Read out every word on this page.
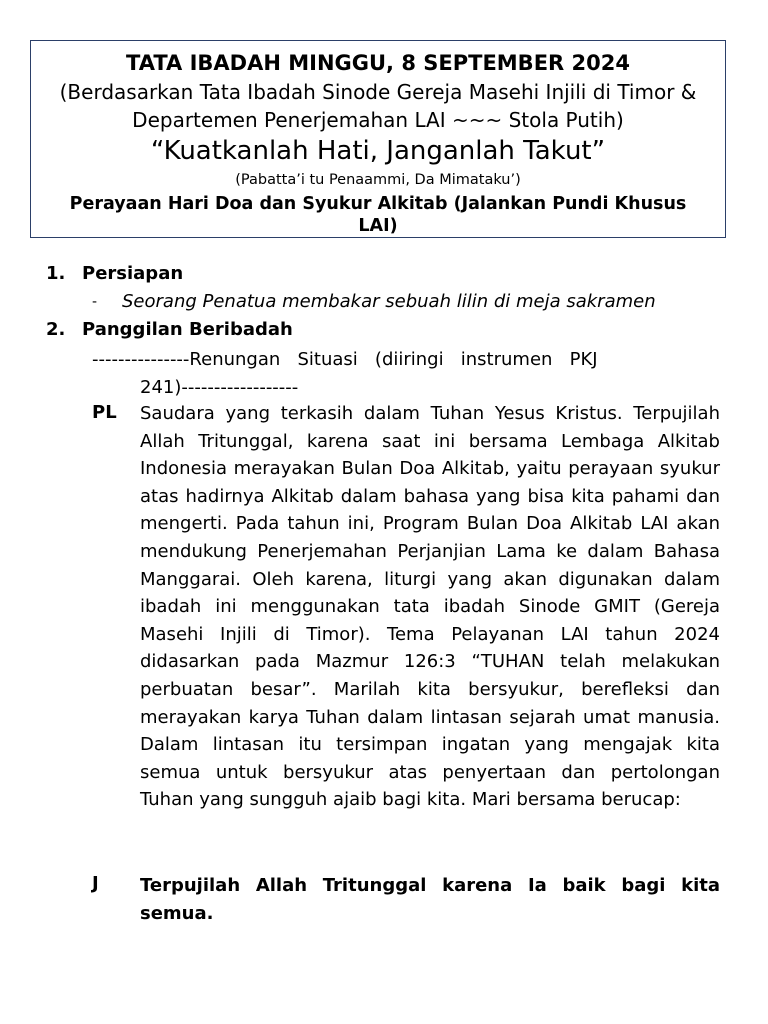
TATA IBADAH MINGGU, 8 SEPTEMBER 2024
(Berdasarkan Tata Ibadah Sinode Gereja Masehi Injili di Timor & Departemen Penerjemahan LAI ~~~ Stola Putih)
“Kuatkanlah Hati, Janganlah Takut”
(Pabatta’i tu Penaammi, Da Mimataku’)
Perayaan Hari Doa dan Syukur Alkitab (Jalankan Pundi Khusus LAI)
1. Persiapan
- Seorang Penatua membakar sebuah lilin di meja sakramen
2. Panggilan Beribadah
---------------Renungan   Situasi   (diiringi   instrumen   PKJ
241)------------------
PL Saudara yang terkasih dalam Tuhan Yesus Kristus. Terpujilah Allah Tritunggal, karena saat ini bersama Lembaga Alkitab Indonesia merayakan Bulan Doa Alkitab, yaitu perayaan syukur atas hadirnya Alkitab dalam bahasa yang bisa kita pahami dan mengerti. Pada tahun ini, Program Bulan Doa Alkitab LAI akan mendukung Penerjemahan Perjanjian Lama ke dalam Bahasa Manggarai. Oleh karena, liturgi yang akan digunakan dalam ibadah ini menggunakan tata ibadah Sinode GMIT (Gereja Masehi Injili di Timor). Tema Pelayanan LAI tahun 2024 didasarkan pada Mazmur 126:3 “TUHAN telah melakukan perbuatan besar”. Marilah kita bersyukur, berefleksi dan merayakan karya Tuhan dalam lintasan sejarah umat manusia. Dalam lintasan itu tersimpan ingatan yang mengajak kita semua untuk bersyukur atas penyertaan dan pertolongan Tuhan yang sungguh ajaib bagi kita. Mari bersama berucap:
J Terpujilah Allah Tritunggal karena Ia baik bagi kita semua.
